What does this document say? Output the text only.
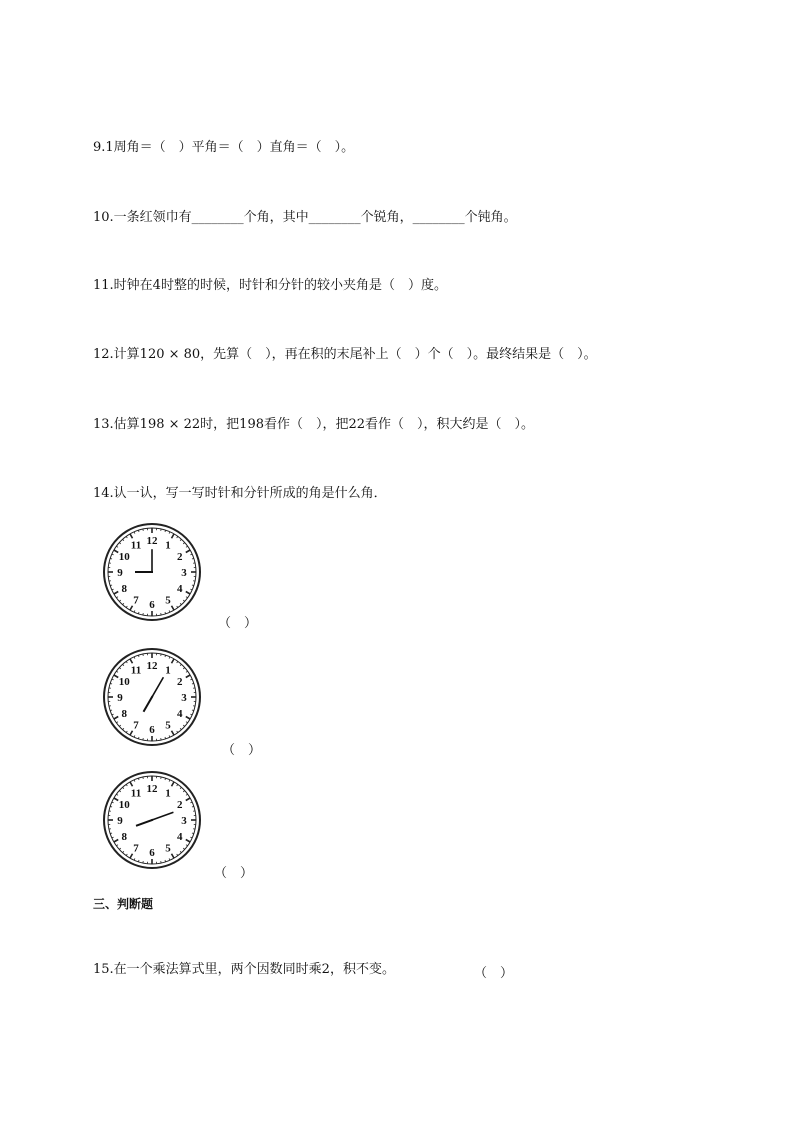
9.1周角＝（　）平角＝（　）直角＝（　）。
10.一条红领巾有________个角，其中________个锐角，________个钝角。
11.时钟在4时整的时候，时针和分针的较小夹角是（　）度。
12.计算120 × 80，先算（　），再在积的末尾补上（　）个（　）。最终结果是（　）。
13.估算198 × 22时，把198看作（　），把22看作（　），积大约是（　）。
14.认一认，写一写时针和分针所成的角是什么角．
12 1
2
3
4
5
6
7
8
9
10
11
（　）
12 1
2
3
4
5
6
7
8
9
10
11
（　）
12 1
2
3
4
5
6
7
8
9
10
11
（　）
三、判断题
15.在一个乘法算式里，两个因数同时乘2，积不变。	（　）
